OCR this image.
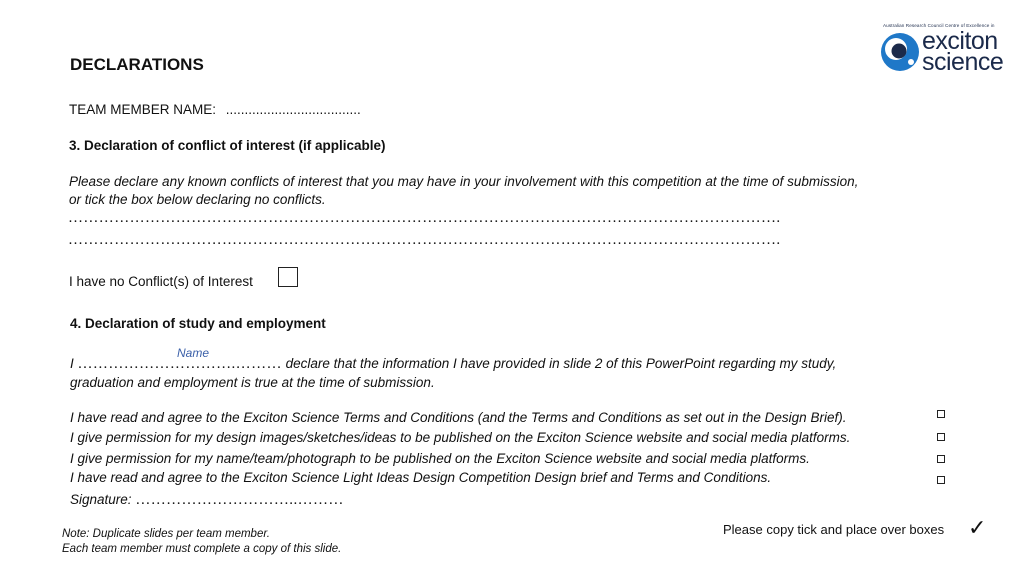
Australian Research Council Centre of Excellence in
exciton
science
DECLARATIONS
TEAM MEMBER NAME: ....................................
3. Declaration of conflict of interest (if applicable)
Please declare any known conflicts of interest that you may have in your involvement with this competition at the time of submission,
or tick the box below declaring no conflicts.
………………………………………………………………………………………………………………………….
………………………………………………………………………………………………………………………….
I have no Conflict(s) of Interest
4. Declaration of study and employment
Name
I ………………………….……… declare that the information I have provided in slide 2 of this PowerPoint regarding my study,
graduation and employment is true at the time of submission.
I have read and agree to the Exciton Science Terms and Conditions (and the Terms and Conditions as set out in the Design Brief).
I give permission for my design images/sketches/ideas to be published on the Exciton Science website and social media platforms.
I give permission for my name/team/photograph to be published on the Exciton Science website and social media platforms.
I have read and agree to the Exciton Science Light Ideas Design Competition Design brief and Terms and Conditions.
Signature: …………………………..………
Note: Duplicate slides per team member.
Each team member must complete a copy of this slide.
Please copy tick and place over boxes ✓
